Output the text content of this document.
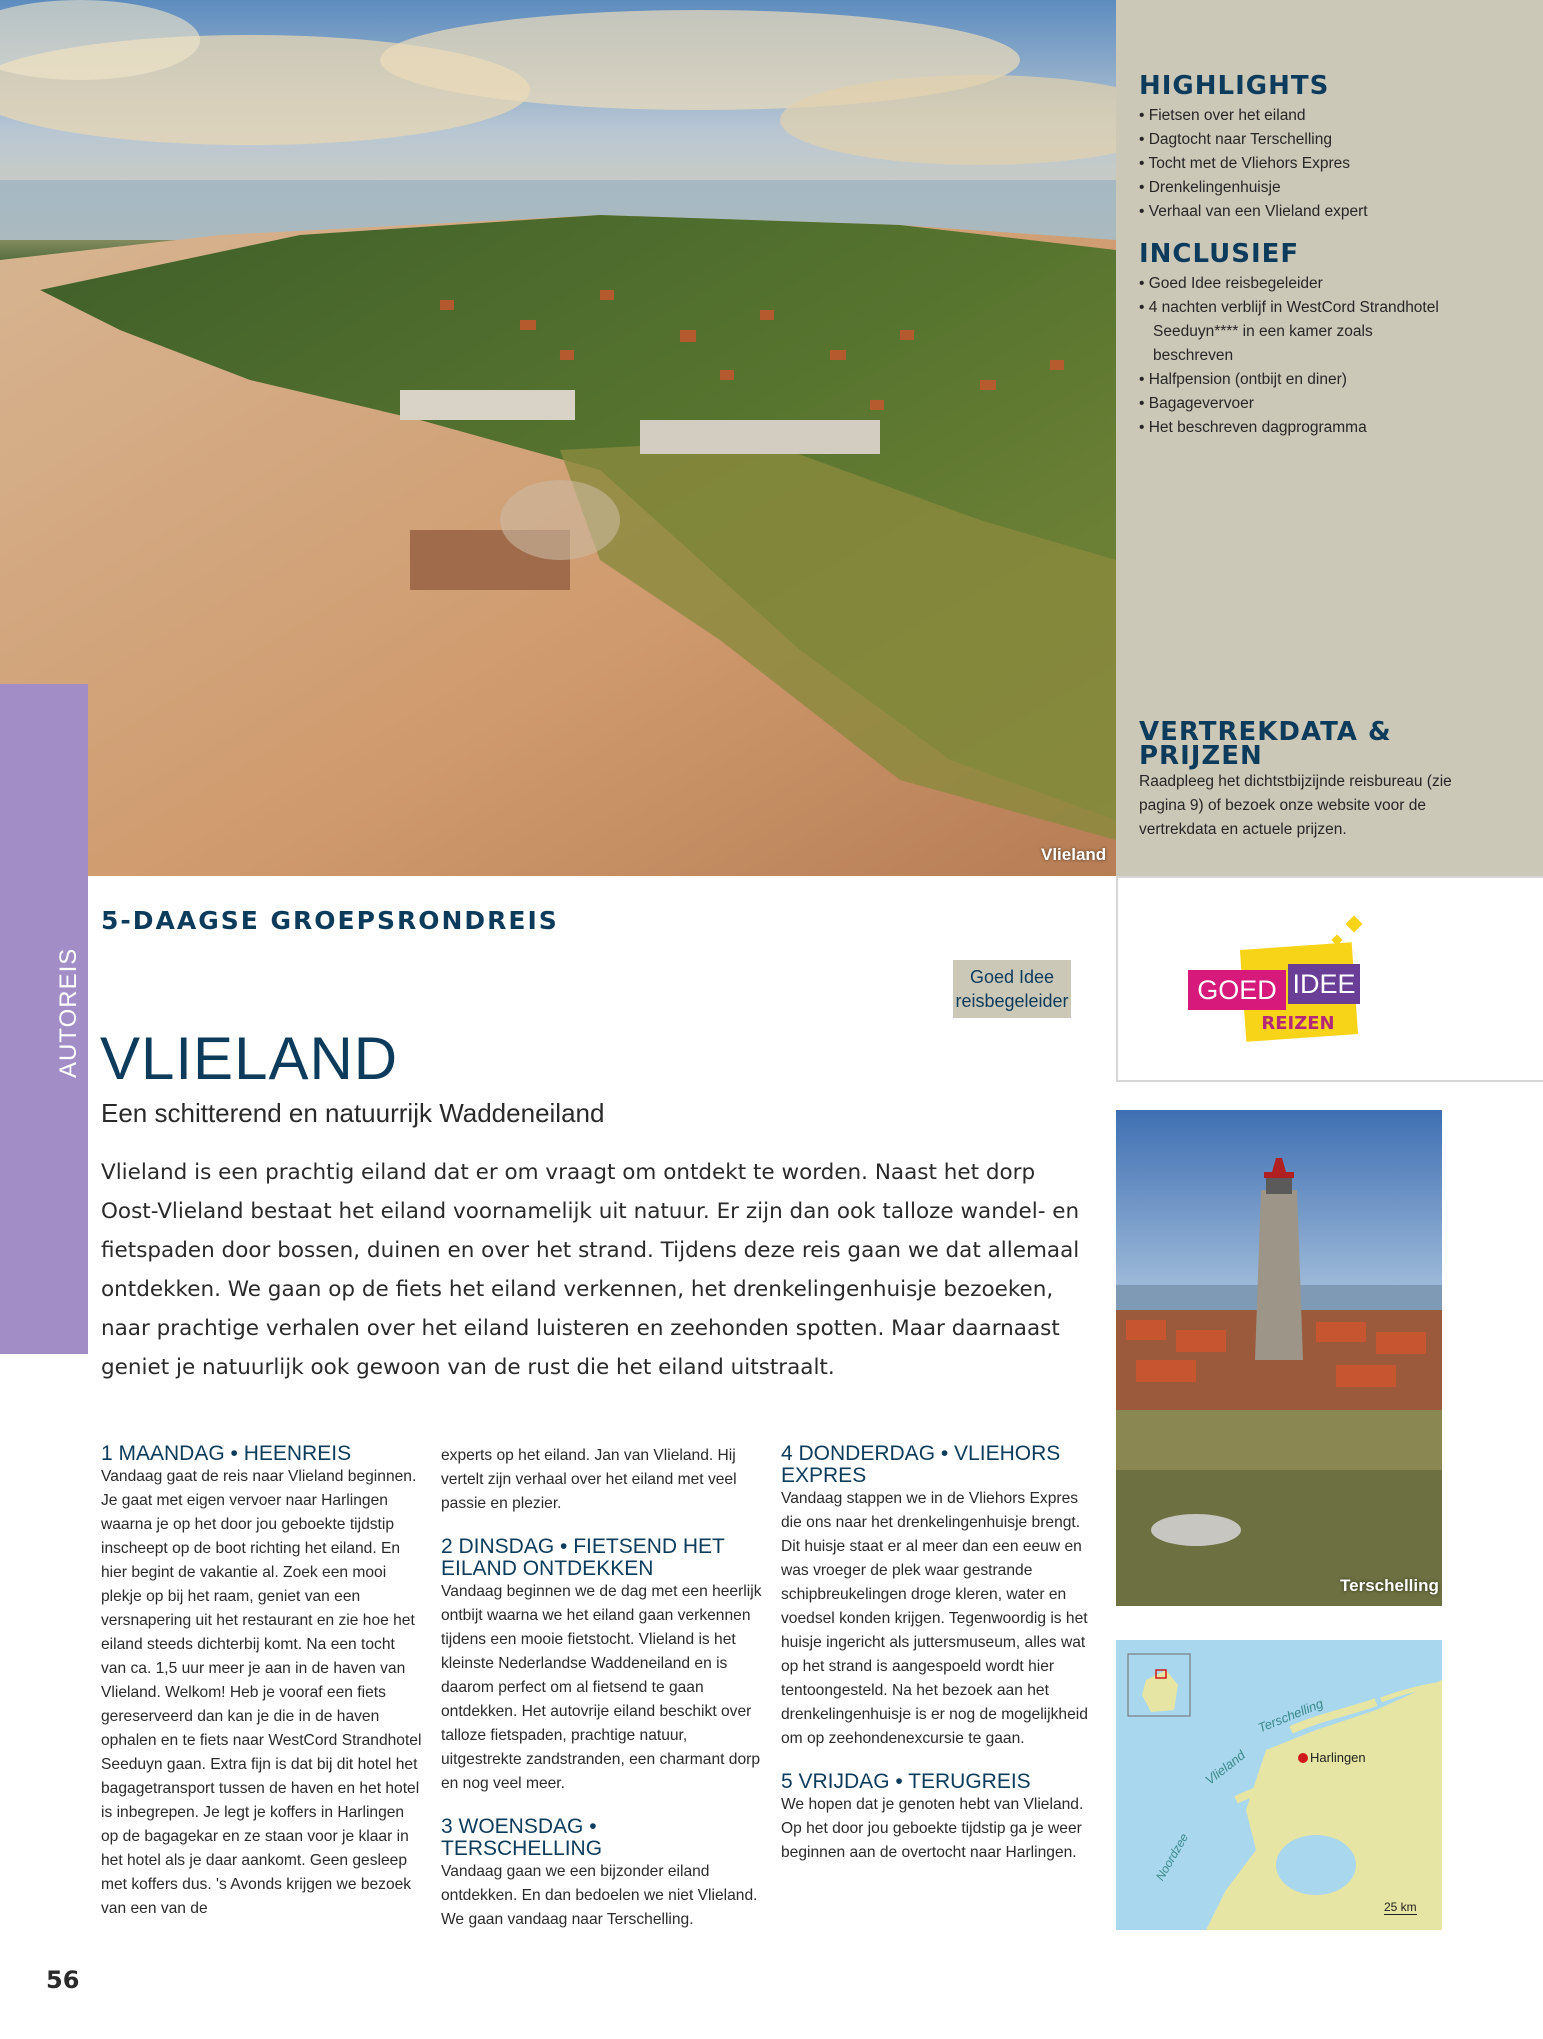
Vlieland
HIGHLIGHTS
• Fietsen over het eiland
• Dagtocht naar Terschelling
• Tocht met de Vliehors Expres
• Drenkelingenhuisje
• Verhaal van een Vlieland expert
INCLUSIEF
• Goed Idee reisbegeleider
• 4 nachten verblijf in WestCord Strandhotel Seeduyn**** in een kamer zoals beschreven
• Halfpension (ontbijt en diner)
• Bagagevervoer
• Het beschreven dagprogramma
VERTREKDATA &
PRIJZEN

Raadpleeg het dichtstbijzijnde reisbureau (zie pagina 9) of bezoek onze website voor de vertrekdata en actuele prijzen.

AUTOREIS	GOED IDEE
REIZEN
5-DAAGSE GROEPSRONDREIS
Goed Idee
reisbegeleider
VLIELAND
Een schitterend en natuurrijk Waddeneiland
Vlieland is een prachtig eiland dat er om vraagt om ontdekt te worden. Naast het dorp Oost-Vlieland bestaat het eiland voornamelijk uit natuur. Er zijn dan ook talloze wandel- en fietspaden door bossen, duinen en over het strand. Tijdens deze reis gaan we dat allemaal ontdekken. We gaan op de fiets het eiland verkennen, het drenkelingenhuisje bezoeken, naar prachtige verhalen over het eiland luisteren en zeehonden spotten. Maar daarnaast geniet je natuurlijk ook gewoon van de rust die het eiland uitstraalt.
1 MAANDAG • HEENREIS

Vandaag gaat de reis naar Vlieland beginnen. Je gaat met eigen vervoer naar Harlingen waarna je op het door jou geboekte tijdstip inscheept op de boot richting het eiland. En hier begint de vakantie al. Zoek een mooi plekje op bij het raam, geniet van een versnapering uit het restaurant en zie hoe het eiland steeds dichterbij komt. Na een tocht van ca. 1,5 uur meer je aan in de haven van Vlieland. Welkom! Heb je vooraf een fiets gereserveerd dan kan je die in de haven ophalen en te fiets naar WestCord Strandhotel Seeduyn gaan. Extra fijn is dat bij dit hotel het bagagetransport tussen de haven en het hotel is inbegrepen. Je legt je koffers in Harlingen op de bagagekar en ze staan voor je klaar in het hotel als je daar aankomt. Geen gesleep met koffers dus. 's Avonds krijgen we bezoek van een van de

experts op het eiland. Jan van Vlieland. Hij vertelt zijn verhaal over het eiland met veel passie en plezier.

2 DINSDAG • FIETSEND HET
EILAND ONTDEKKEN

Vandaag beginnen we de dag met een heerlijk ontbijt waarna we het eiland gaan verkennen tijdens een mooie fietstocht. Vlieland is het kleinste Nederlandse Waddeneiland en is daarom perfect om al fietsend te gaan ontdekken. Het autovrije eiland beschikt over talloze fietspaden, prachtige natuur, uitgestrekte zandstranden, een charmant dorp en nog veel meer.

3 WOENSDAG • TERSCHELLING

Vandaag gaan we een bijzonder eiland ontdekken. En dan bedoelen we niet Vlieland. We gaan vandaag naar Terschelling.

4 DONDERDAG • VLIEHORS
EXPRES

Vandaag stappen we in de Vliehors Expres die ons naar het drenkelingenhuisje brengt. Dit huisje staat er al meer dan een eeuw en was vroeger de plek waar gestrande schipbreukelingen droge kleren, water en voedsel konden krijgen. Tegenwoordig is het huisje ingericht als juttersmuseum, alles wat op het strand is aangespoeld wordt hier tentoongesteld. Na het bezoek aan het drenkelingenhuisje is er nog de mogelijkheid om op zeehondenexcursie te gaan.

5 VRIJDAG • TERUGREIS

We hopen dat je genoten hebt van Vlieland. Op het door jou geboekte tijdstip ga je weer beginnen aan de overtocht naar Harlingen.

Terschelling
Vlieland
Terschelling
Harlingen
Noordzee
25 km
56
